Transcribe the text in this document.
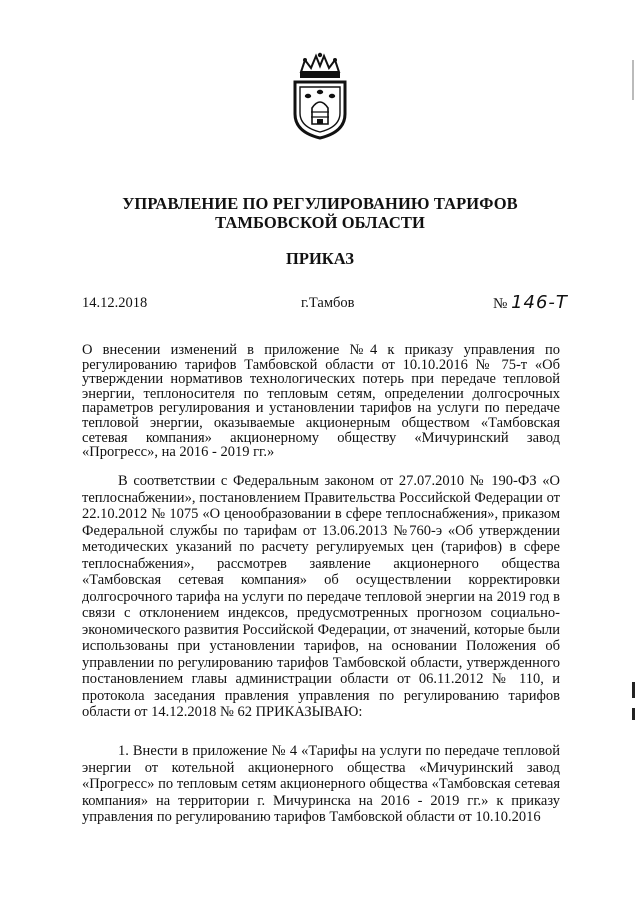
УПРАВЛЕНИЕ ПО РЕГУЛИРОВАНИЮ ТАРИФОВ
ТАМБОВСКОЙ ОБЛАСТИ
ПРИКАЗ
14.12.2018	г.Тамбов	№ 146-Т
О внесении изменений в приложение №4 к приказу управления по регулированию тарифов Тамбовской области от 10.10.2016 № 75-т «Об утверждении нормативов технологических потерь при передаче тепловой энергии, теплоносителя по тепловым сетям, определении долгосрочных параметров регулирования и установлении тарифов на услуги по передаче тепловой энергии, оказываемые акционерным обществом «Тамбовская сетевая компания» акционерному обществу «Мичуринский завод «Прогресс», на 2016 - 2019 гг.»
В соответствии с Федеральным законом от 27.07.2010 № 190-ФЗ «О теплоснабжении», постановлением Правительства Российской Федерации от 22.10.2012 № 1075 «О ценообразовании в сфере теплоснабжения», приказом Федеральной службы по тарифам от 13.06.2013 №760-э «Об утверждении методических указаний по расчету регулируемых цен (тарифов) в сфере теплоснабжения», рассмотрев заявление акционерного общества «Тамбовская сетевая компания» об осуществлении корректировки долгосрочного тарифа на услуги по передаче тепловой энергии на 2019 год в связи с отклонением индексов, предусмотренных прогнозом социально-экономического развития Российской Федерации, от значений, которые были использованы при установлении тарифов, на основании Положения об управлении по регулированию тарифов Тамбовской области, утвержденного постановлением главы администрации области от 06.11.2012 № 110, и протокола заседания правления управления по регулированию тарифов области от 14.12.2018 № 62 ПРИКАЗЫВАЮ:
1. Внести в приложение № 4 «Тарифы на услуги по передаче тепловой энергии от котельной акционерного общества «Мичуринский завод «Прогресс» по тепловым сетям акционерного общества «Тамбовская сетевая компания» на территории г. Мичуринска на 2016 - 2019 гг.» к приказу управления по регулированию тарифов Тамбовской области от 10.10.2016
